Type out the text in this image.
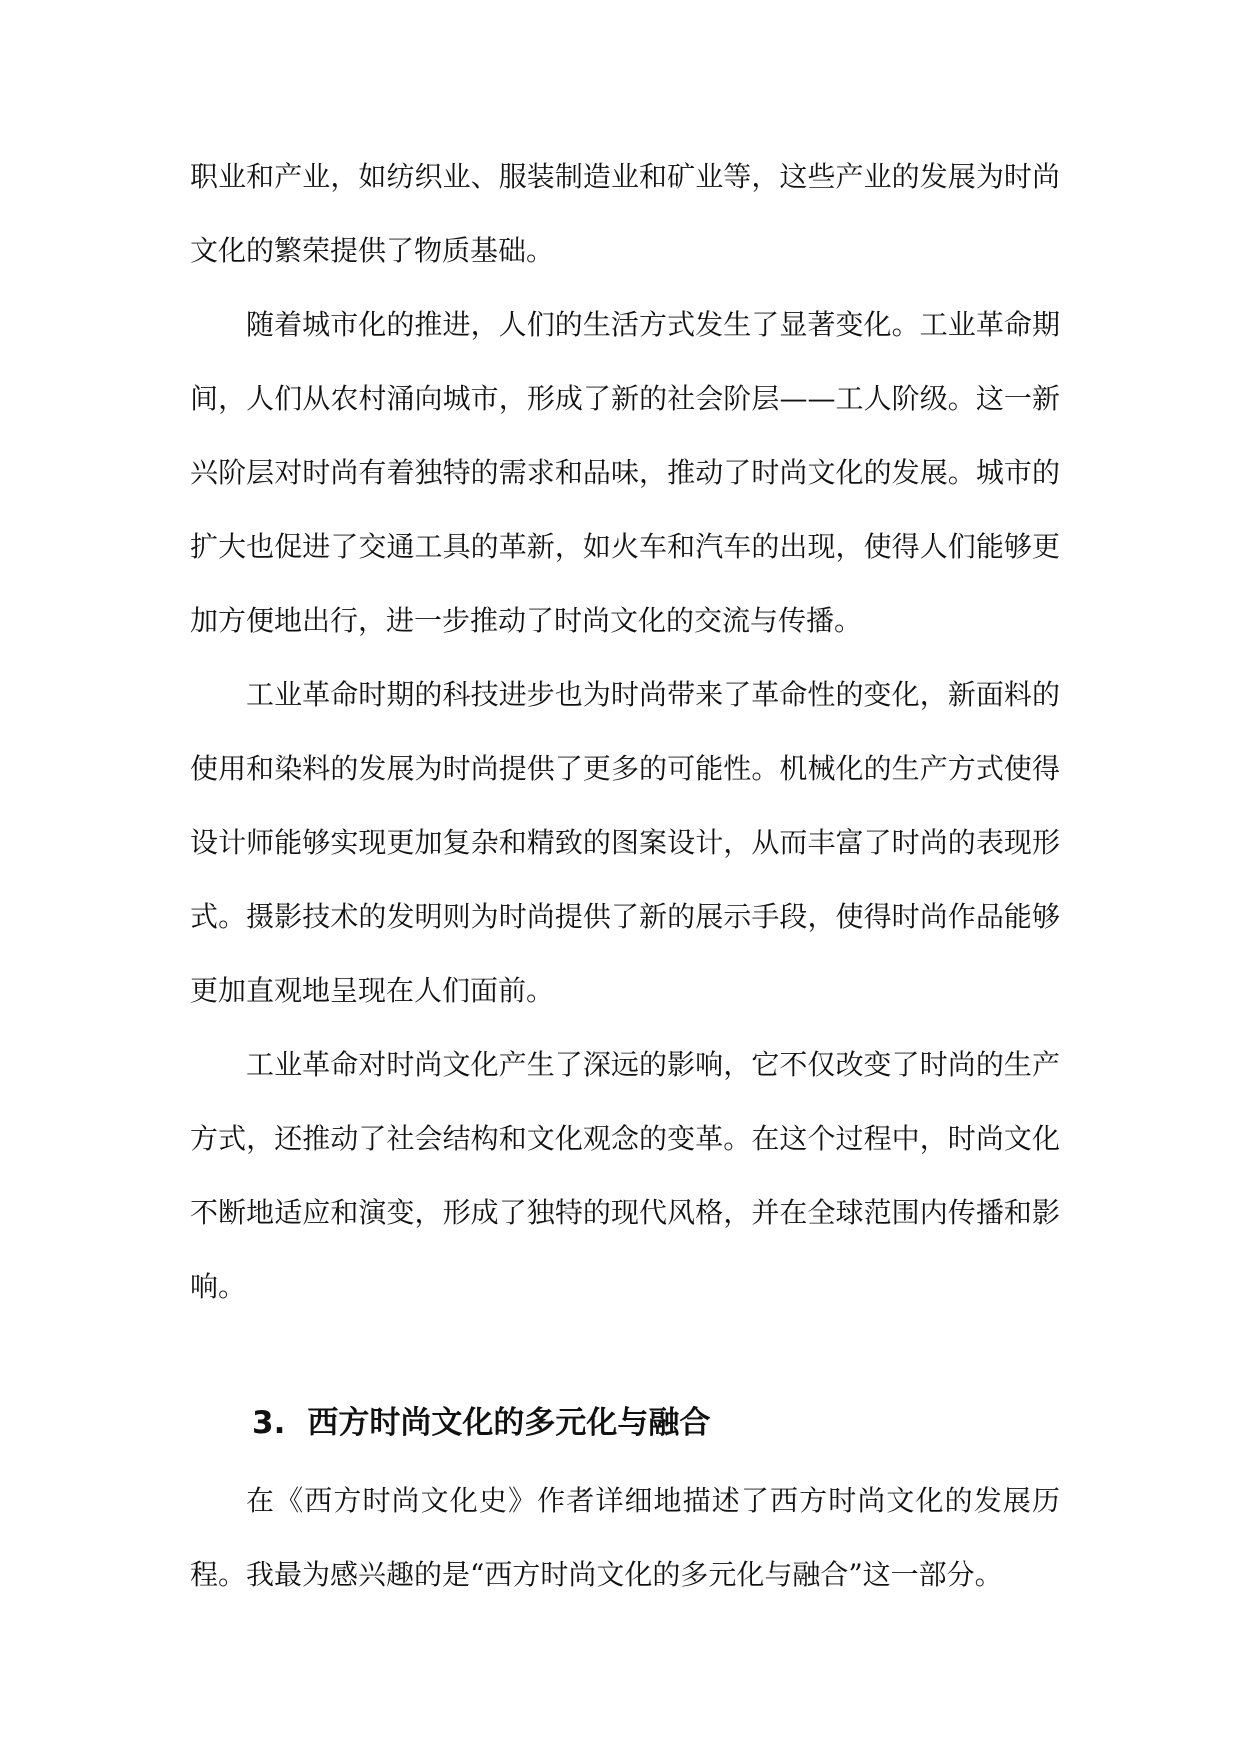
职业和产业，如纺织业、服装制造业和矿业等，这些产业的发展为时尚文化的繁荣提供了物质基础。

随着城市化的推进，人们的生活方式发生了显著变化。工业革命期间，人们从农村涌向城市，形成了新的社会阶层——工人阶级。这一新兴阶层对时尚有着独特的需求和品味，推动了时尚文化的发展。城市的扩大也促进了交通工具的革新，如火车和汽车的出现，使得人们能够更加方便地出行，进一步推动了时尚文化的交流与传播。

工业革命时期的科技进步也为时尚带来了革命性的变化，新面料的使用和染料的发展为时尚提供了更多的可能性。机械化的生产方式使得设计师能够实现更加复杂和精致的图案设计，从而丰富了时尚的表现形式。摄影技术的发明则为时尚提供了新的展示手段，使得时尚作品能够更加直观地呈现在人们面前。

工业革命对时尚文化产生了深远的影响，它不仅改变了时尚的生产方式，还推动了社会结构和文化观念的变革。在这个过程中，时尚文化不断地适应和演变，形成了独特的现代风格，并在全球范围内传播和影响。

3. 西方时尚文化的多元化与融合

在《西方时尚文化史》作者详细地描述了西方时尚文化的发展历程。我最为感兴趣的是“西方时尚文化的多元化与融合”这一部分。
